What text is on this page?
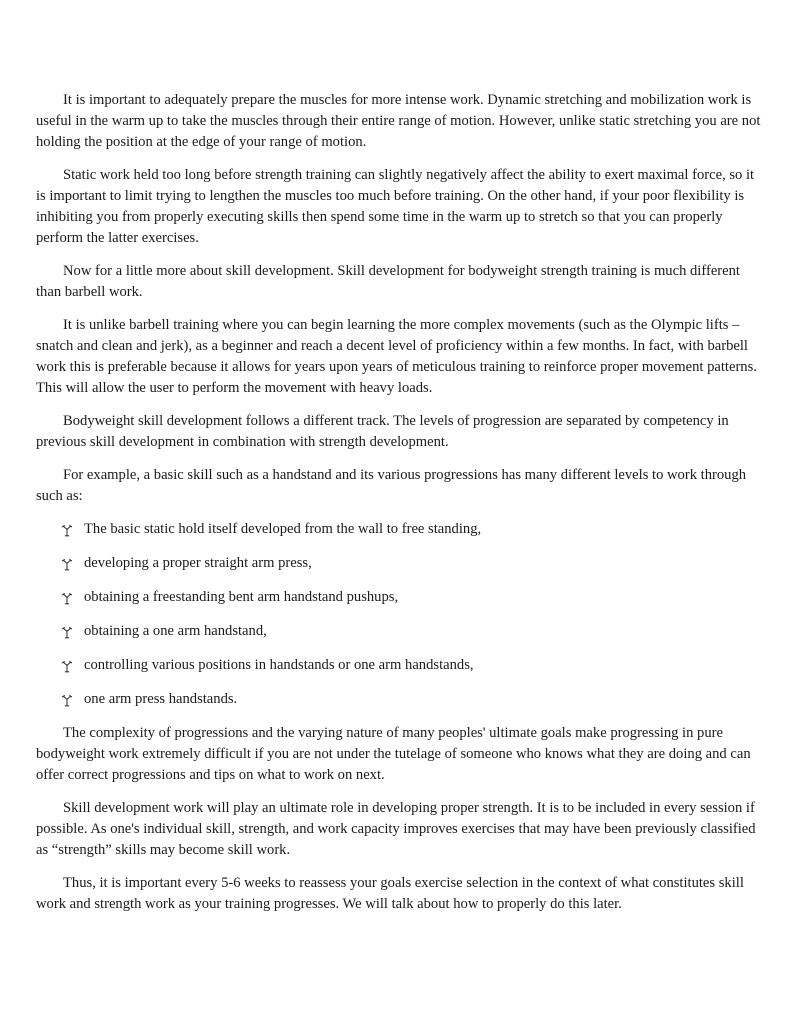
It is important to adequately prepare the muscles for more intense work. Dynamic stretching and mobilization work is useful in the warm up to take the muscles through their entire range of motion. However, unlike static stretching you are not holding the position at the edge of your range of motion.

Static work held too long before strength training can slightly negatively affect the ability to exert maximal force, so it is important to limit trying to lengthen the muscles too much before training. On the other hand, if your poor flexibility is inhibiting you from properly executing skills then spend some time in the warm up to stretch so that you can properly perform the latter exercises.

Now for a little more about skill development. Skill development for bodyweight strength training is much different than barbell work.

It is unlike barbell training where you can begin learning the more complex movements (such as the Olympic lifts – snatch and clean and jerk), as a beginner and reach a decent level of proficiency within a few months. In fact, with barbell work this is preferable because it allows for years upon years of meticulous training to reinforce proper movement patterns. This will allow the user to perform the movement with heavy loads.

Bodyweight skill development follows a different track. The levels of progression are separated by competency in previous skill development in combination with strength development.

For example, a basic skill such as a handstand and its various progressions has many different levels to work through such as:

The basic static hold itself developed from the wall to free standing,
developing a proper straight arm press,
obtaining a freestanding bent arm handstand pushups,
obtaining a one arm handstand,
controlling various positions in handstands or one arm handstands,
one arm press handstands.

The complexity of progressions and the varying nature of many peoples' ultimate goals make progressing in pure bodyweight work extremely difficult if you are not under the tutelage of someone who knows what they are doing and can offer correct progressions and tips on what to work on next.

Skill development work will play an ultimate role in developing proper strength. It is to be included in every session if possible. As one's individual skill, strength, and work capacity improves exercises that may have been previously classified as “strength” skills may become skill work.

Thus, it is important every 5-6 weeks to reassess your goals exercise selection in the context of what constitutes skill work and strength work as your training progresses. We will talk about how to properly do this later.
